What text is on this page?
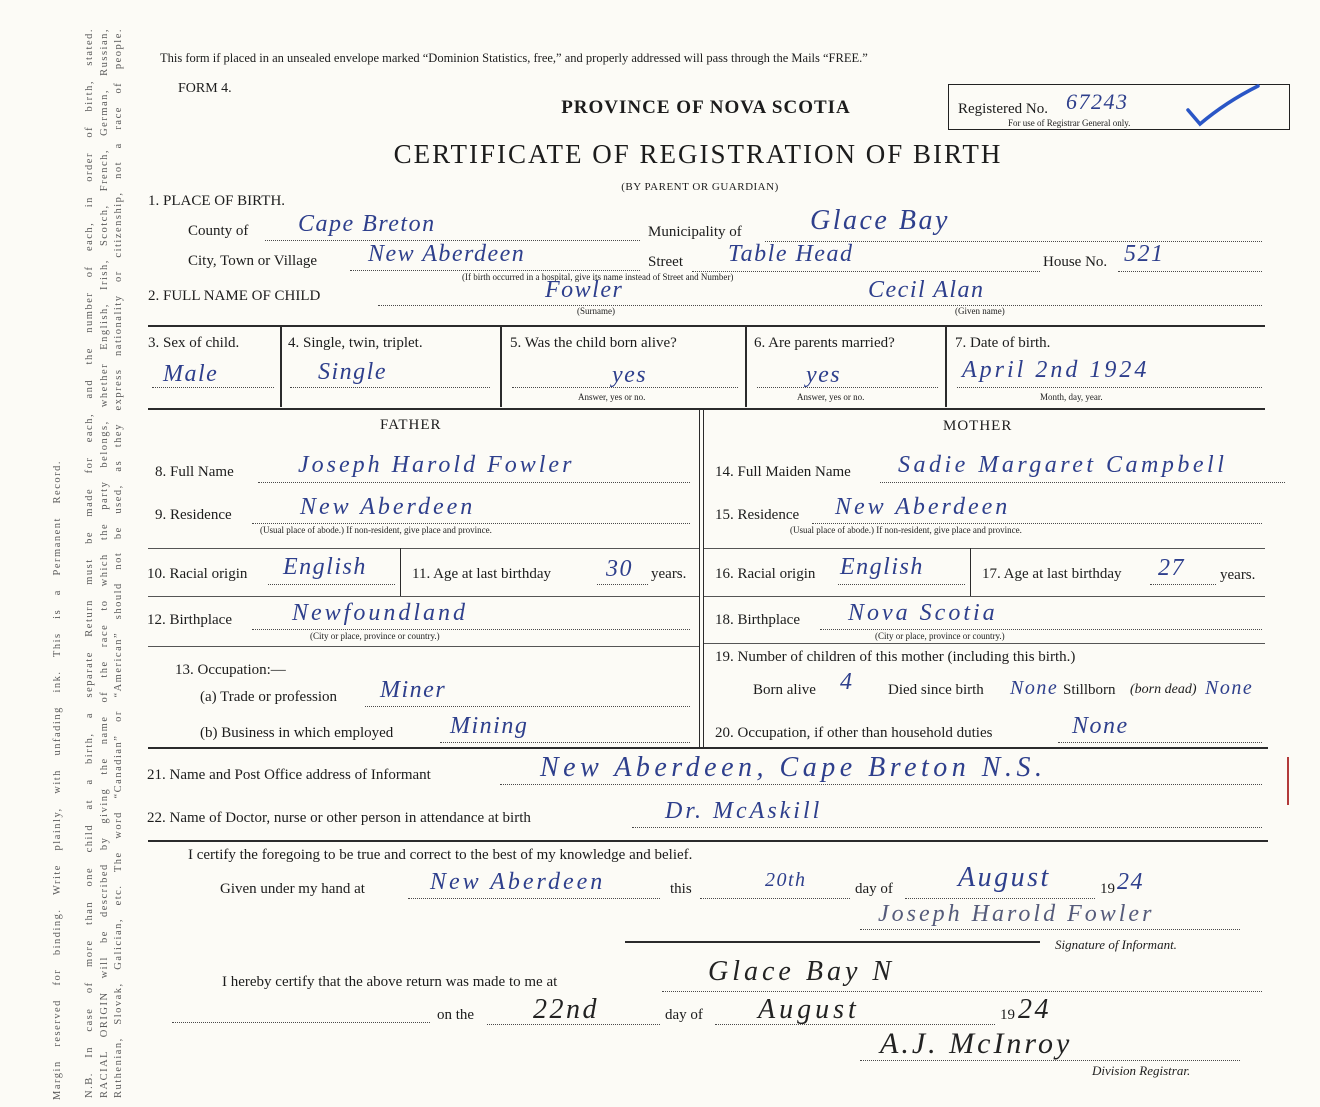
Margin reserved for binding. Write plainly, with unfading ink. This is a Permanent Record. N.B. In case of more than one child at a birth, a separate Return must be made for each, and the number of each, in order of birth, stated. RACIAL ORIGIN will be described by giving the name of the race to which the party belongs, whether English, Irish, Scotch, French, German, Russian, Ruthenian, Slovak, Galician, etc. The word “Canadian” or “American” should not be used, as they express nationality or citizenship, not a race of people.	This form if placed in an unsealed envelope marked “Dominion Statistics, free,” and properly addressed will pass through the Mails “FREE.”
FORM 4.
PROVINCE OF NOVA SCOTIA	Registered No. 67243
For use of Registrar General only.
CERTIFICATE OF REGISTRATION OF BIRTH
(BY PARENT OR GUARDIAN)
1. PLACE OF BIRTH.
County of Cape Breton	Municipality of Glace Bay
City, Town or Village New Aberdeen	Street Table Head	House No. 521
(If birth occurred in a hospital, give its name instead of Street and Number)
2. FULL NAME OF CHILD	Fowler
(Surname)
Cecil Alan
(Given name)
3. Sex of child.	4. Single, twin, triplet.	5. Was the child born alive?	6. Are parents married?	7. Date of birth.
Male	Single	yes	yes	April 2nd 1924
Answer, yes or no.	Answer, yes or no.	Month, day, year.
FATHER	MOTHER
8. Full Name	Joseph Harold Fowler
9. Residence	New Aberdeen
(Usual place of abode.) If non-resident, give place and province.
10. Racial origin English	11. Age at last birthday 30 years.
12. Birthplace	Newfoundland
(City or place, province or country.)
13. Occupation:—
(a) Trade or profession Miner
(b) Business in which employed Mining
14. Full Maiden Name Sadie Margaret Campbell
15. Residence New Aberdeen
(Usual place of abode.) If non-resident, give place and province.
16. Racial origin English	17. Age at last birthday 27 years.
18. Birthplace Nova Scotia
(City or place, province or country.)
19. Number of children of this mother (including this birth.)
Born alive 4 Died since birth None Stillborn (born dead) None
20. Occupation, if other than household duties	None
21. Name and Post Office address of Informant	New Aberdeen, Cape Breton N.S.
22. Name of Doctor, nurse or other person in attendance at birth	Dr. McAskill
I certify the foregoing to be true and correct to the best of my knowledge and belief.
Given under my hand at	New Aberdeen	this	20th	day of August	19 24
Joseph Harold Fowler
Signature of Informant.
I hereby certify that the above return was made to me at	Glace Bay N
on the 22nd	day of August	19 24
A.J. McInroy
Division Registrar.
